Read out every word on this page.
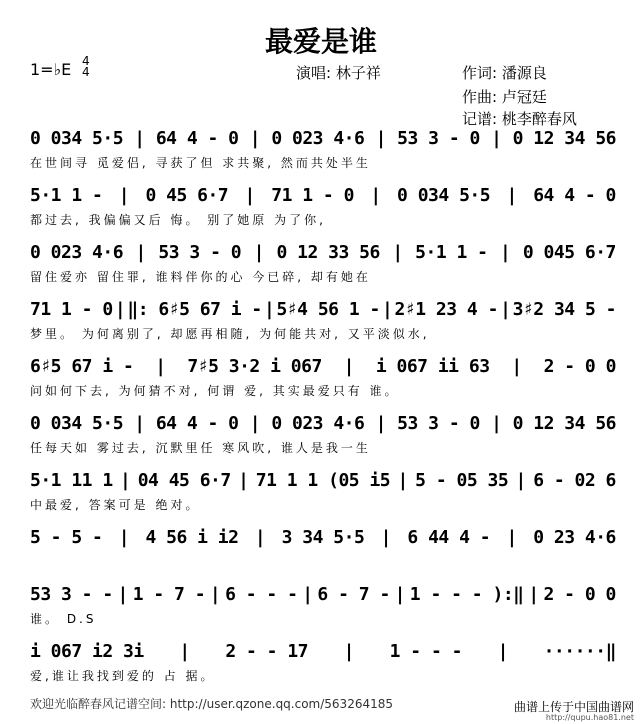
最爱是谁
1=♭E 4
4	演唱: 林子祥	作词: 潘源良
作曲: 卢冠廷
记谱: 桃李醉春风
0 034 5·5 | 64 4 - 0 | 0 023 4·6 | 53 3 - 0 | 0 12 34 56
在世间寻 觅爱侣, 寻获了但 求共聚, 然而共处半生
5·1 1 - | 0 45 6·7 | 71 1 - 0 | 0 034 5·5 | 64 4 - 0
都过去, 我偏偏又后 悔。 别了她原 为了你,
0 023 4·6 | 53 3 - 0 | 0 12 33 56 | 5·1 1 - | 0 045 6·7
留住爱亦 留住罪, 谁料伴你的心 今已碎, 却有她在
71 1 - 0 | ‖: 6♯5 67 i - | 5♯4 56 1 - | 2♯1 23 4 - | 3♯2 34 5 -
梦里。 为何离别了, 却愿再相随, 为何能共对, 又平淡似水,
6♯5 67 i - | 7♯5 3·2 i 067 | i 067 ii 63 | 2 - 0 0
问如何下去, 为何猜不对, 何谓 爱, 其实最爱只有 谁。
0 034 5·5 | 64 4 - 0 | 0 023 4·6 | 53 3 - 0 | 0 12 34 56
任每天如 雾过去, 沉默里任 寒风吹, 谁人是我一生
5·1 11 1 | 04 45 6·7 | 71 1 1 (05 i5 | 5 - 05 35 | 6 - 02 6
中最爱, 答案可是 绝对。
5 - 5 - | 4 56 i i2 | 3 34 5·5 | 6 44 4 - | 0 23 4·6
53 3 - - | 1 - 7 - | 6 - - - | 6 - 7 - | 1 - - - ):‖ | 2 - 0 0
谁。 D.S
i 067 i2 3i | 2 - - 17 | 1 - - - | ······‖
爱,谁让我找到爱的 占 据。
欢迎光临醉春风记谱空间: http://user.qzone.qq.com/563264185	曲谱上传于中国曲谱网
http://qupu.hao81.net
